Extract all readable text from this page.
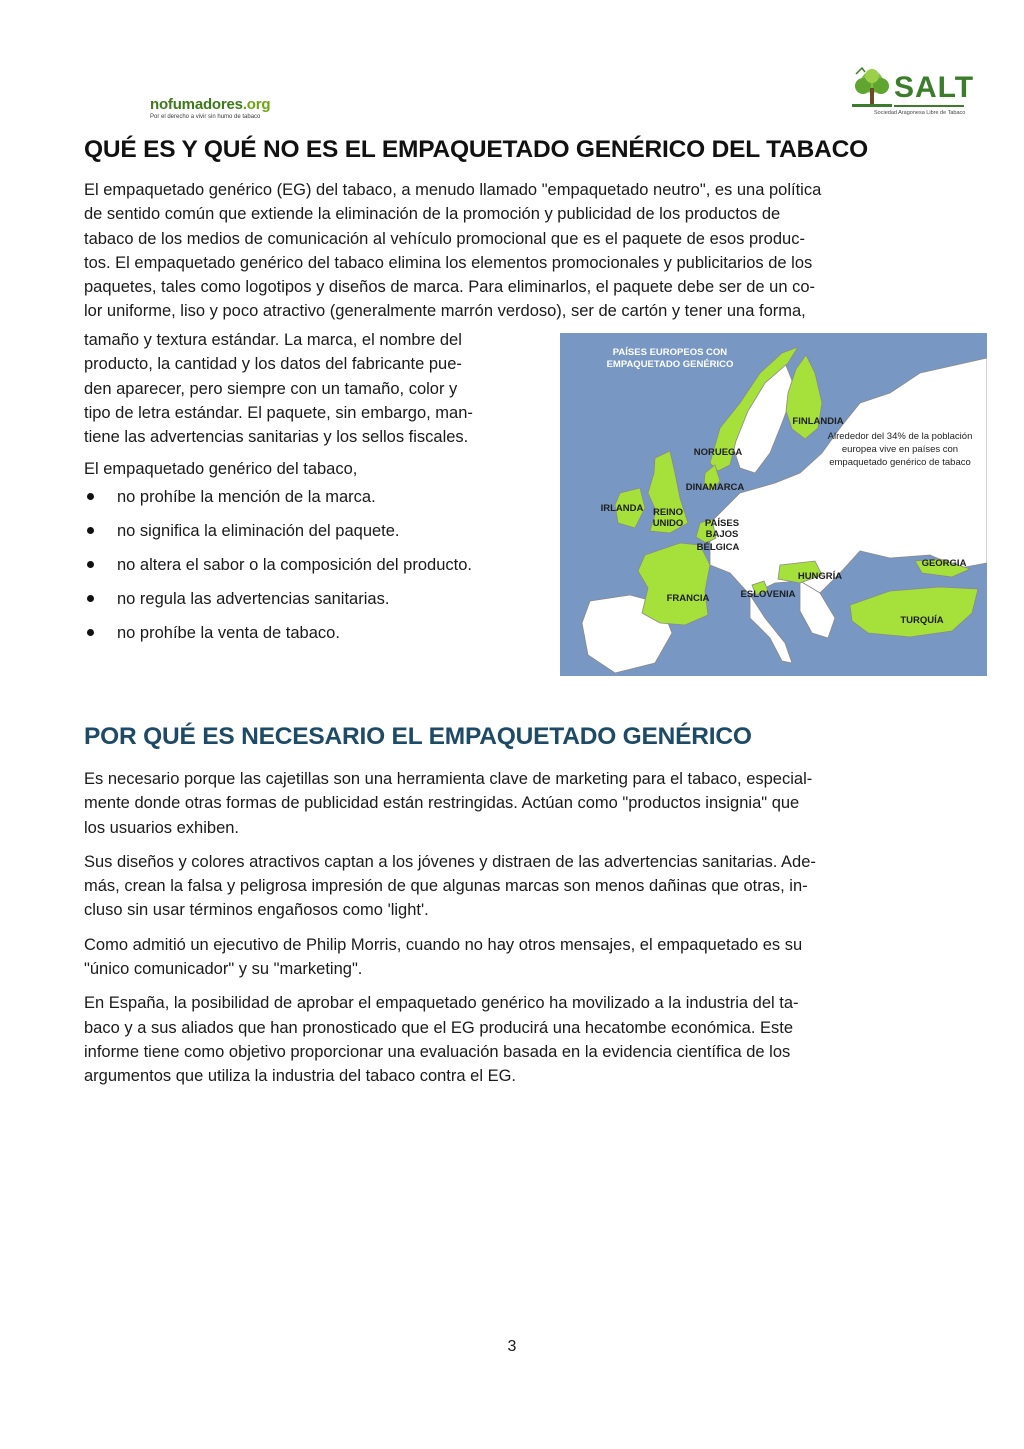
nofumadores.org
Por el derecho a vivir sin humo de tabaco
SALT
Sociedad Aragonesa Libre de Tabaco
QUÉ ES Y QUÉ NO ES EL EMPAQUETADO GENÉRICO DEL TABACO

El empaquetado genérico (EG) del tabaco, a menudo llamado "empaquetado neutro", es una política
de sentido común que extiende la eliminación de la promoción y publicidad de los productos de
tabaco de los medios de comunicación al vehículo promocional que es el paquete de esos produc-
tos. El empaquetado genérico del tabaco elimina los elementos promocionales y publicitarios de los
paquetes, tales como logotipos y diseños de marca. Para eliminarlos, el paquete debe ser de un co-
lor uniforme, liso y poco atractivo (generalmente marrón verdoso), ser de cartón y tener una forma,

tamaño y textura estándar. La marca, el nombre del
producto, la cantidad y los datos del fabricante pue-
den aparecer, pero siempre con un tamaño, color y
tipo de letra estándar. El paquete, sin embargo, man-
tiene las advertencias sanitarias y los sellos fiscales.

El empaquetado genérico del tabaco,

no prohíbe la mención de la marca.
no significa la eliminación del paquete.
no altera el sabor o la composición del producto.
no regula las advertencias sanitarias.
no prohíbe la venta de tabaco.
PAÍSES EUROPEOS CON
EMPAQUETADO GENÉRICO
Alrededor del 34% de la población
europea vive en países con
empaquetado genérico de tabaco
FINLANDIA
NORUEGA
DINAMARCA
IRLANDA REINO
UNIDO PAÍSES
BAJOS
BÉLGICA
FRANCIA	ESLOVENIA
HUNGRÍA
GEORGIA
TURQUÍA
POR QUÉ ES NECESARIO EL EMPAQUETADO GENÉRICO

Es necesario porque las cajetillas son una herramienta clave de marketing para el tabaco, especial-
mente donde otras formas de publicidad están restringidas. Actúan como "productos insignia" que
los usuarios exhiben.

Sus diseños y colores atractivos captan a los jóvenes y distraen de las advertencias sanitarias. Ade-
más, crean la falsa y peligrosa impresión de que algunas marcas son menos dañinas que otras, in-
cluso sin usar términos engañosos como 'light'.

Como admitió un ejecutivo de Philip Morris, cuando no hay otros mensajes, el empaquetado es su
"único comunicador" y su "marketing".

En España, la posibilidad de aprobar el empaquetado genérico ha movilizado a la industria del ta-
baco y a sus aliados que han pronosticado que el EG producirá una hecatombe económica. Este
informe tiene como objetivo proporcionar una evaluación basada en la evidencia científica de los
argumentos que utiliza la industria del tabaco contra el EG.

3
